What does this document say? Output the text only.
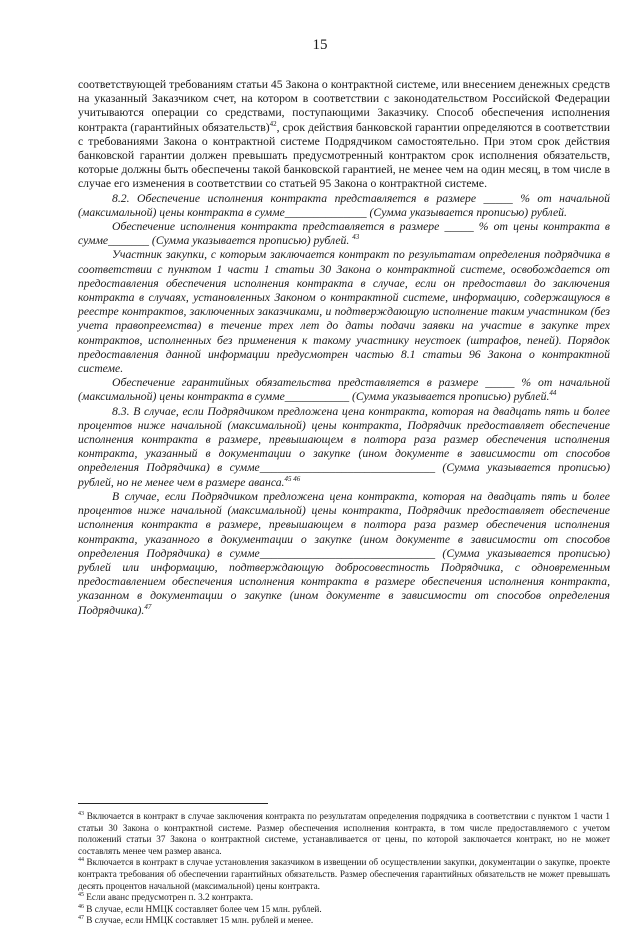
15

соответствующей требованиям статьи 45 Закона о контрактной системе, или внесением денежных средств на указанный Заказчиком счет, на котором в соответствии с законодательством Российской Федерации учитываются операции со средствами, поступающими Заказчику. Способ обеспечения исполнения контракта (гарантийных обязательств)$^{42}$, срок действия банковской гарантии определяются в соответствии с требованиями Закона о контрактной системе Подрядчиком самостоятельно. При этом срок действия банковской гарантии должен превышать предусмотренный контрактом срок исполнения обязательств, которые должны быть обеспечены такой банковской гарантией, не менее чем на один месяц, в том числе в случае его изменения в соответствии со статьей 95 Закона о контрактной системе.

8.2. Обеспечение исполнения контракта представляется в размере _____ % от начальной (максимальной) цены контракта в сумме______________ (Сумма указывается прописью) рублей.

Обеспечение исполнения контракта представляется в размере _____ % от цены контракта в сумме_______ (Сумма указывается прописью) рублей. $^{43}$

Участник закупки, с которым заключается контракт по результатам определения подрядчика в соответствии с пунктом 1 части 1 статьи 30 Закона о контрактной системе, освобождается от предоставления обеспечения исполнения контракта в случае, если он предоставил до заключения контракта в случаях, установленных Законом о контрактной системе, информацию, содержащуюся в реестре контрактов, заключенных заказчиками, и подтверждающую исполнение таким участником (без учета правопреемства) в течение трех лет до даты подачи заявки на участие в закупке трех контрактов, исполненных без применения к такому участнику неустоек (штрафов, пеней). Порядок предоставления данной информации предусмотрен частью 8.1 статьи 96 Закона о контрактной системе.

Обеспечение гарантийных обязательства представляется в размере _____ % от начальной (максимальной) цены контракта в сумме___________ (Сумма указывается прописью) рублей.$^{44}$

8.3. В случае, если Подрядчиком предложена цена контракта, которая на двадцать пять и более процентов ниже начальной (максимальной) цены контракта, Подрядчик предоставляет обеспечение исполнения контракта в размере, превышающем в полтора раза размер обеспечения исполнения контракта, указанный в документации о закупке (ином документе в зависимости от способов определения Подрядчика) в сумме______________________________ (Сумма указывается прописью) рублей, но не менее чем в размере аванса.$^{45 46}$

В случае, если Подрядчиком предложена цена контракта, которая на двадцать пять и более процентов ниже начальной (максимальной) цены контракта, Подрядчик предоставляет обеспечение исполнения контракта в размере, превышающем в полтора раза размер обеспечения исполнения контракта, указанного в документации о закупке (ином документе в зависимости от способов определения Подрядчика) в сумме______________________________ (Сумма указывается прописью) рублей или информацию, подтверждающую добросовестность Подрядчика, с одновременным предоставлением обеспечения исполнения контракта в размере обеспечения исполнения контракта, указанном в документации о закупке (ином документе в зависимости от способов определения Подрядчика).$^{47}$

$^{43}$ Включается в контракт в случае заключения контракта по результатам определения подрядчика в соответствии с пунктом 1 части 1 статьи 30 Закона о контрактной системе. Размер обеспечения исполнения контракта, в том числе предоставляемого с учетом положений статьи 37 Закона о контрактной системе, устанавливается от цены, по которой заключается контракт, но не может составлять менее чем размер аванса.

$^{44}$ Включается в контракт в случае установления заказчиком в извещении об осуществлении закупки, документации о закупке, проекте контракта требования об обеспечении гарантийных обязательств. Размер обеспечения гарантийных обязательств не может превышать десять процентов начальной (максимальной) цены контракта.

$^{45}$ Если аванс предусмотрен п. 3.2 контракта.

$^{46}$ В случае, если НМЦК составляет более чем 15 млн. рублей.

$^{47}$ В случае, если НМЦК составляет 15 млн. рублей и менее.
